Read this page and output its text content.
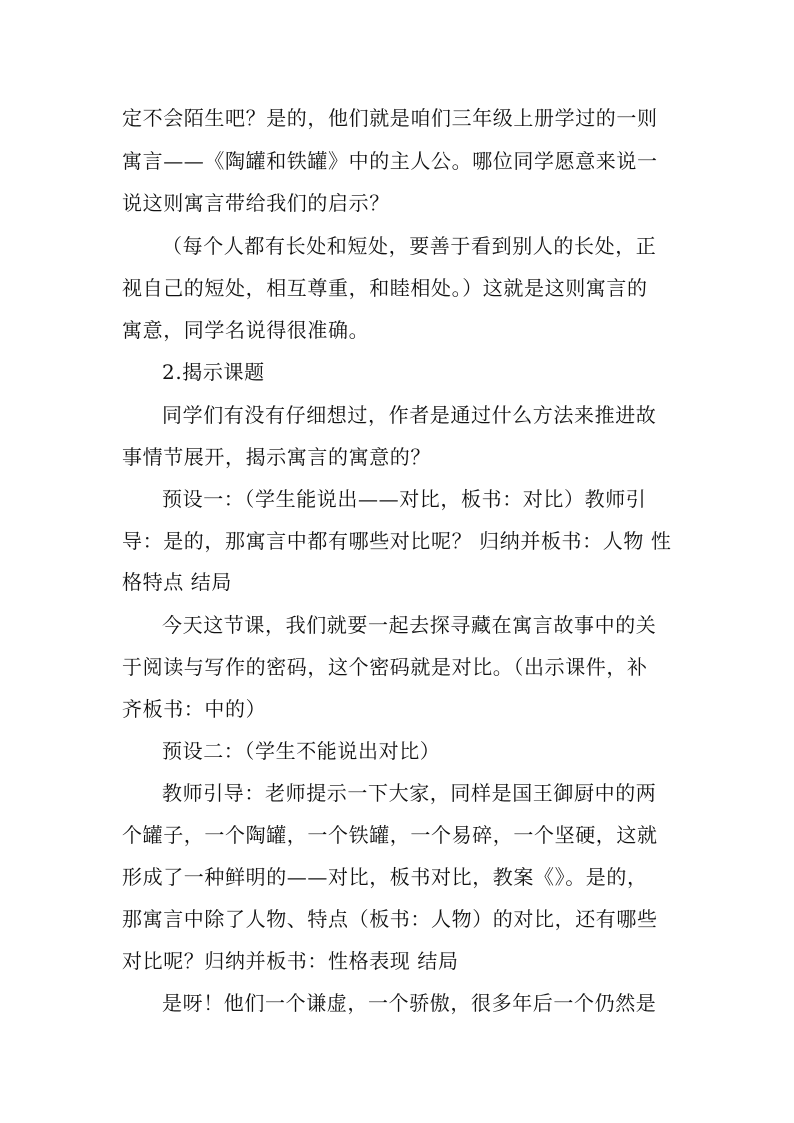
定不会陌生吧？是的，他们就是咱们三年级上册学过的一则
寓言——《陶罐和铁罐》中的主人公。哪位同学愿意来说一
说这则寓言带给我们的启示？
（每个人都有长处和短处，要善于看到别人的长处，正
视自己的短处，相互尊重，和睦相处。）这就是这则寓言的
寓意，同学名说得很准确。
2.揭示课题
同学们有没有仔细想过，作者是通过什么方法来推进故
事情节展开，揭示寓言的寓意的？
预设一：（学生能说出——对比，板书：对比）教师引
导：是的，那寓言中都有哪些对比呢？ 归纳并板书：人物 性
格特点 结局
今天这节课，我们就要一起去探寻藏在寓言故事中的关
于阅读与写作的密码，这个密码就是对比。（出示课件，补
齐板书：中的）
预设二：（学生不能说出对比）
教师引导：老师提示一下大家，同样是国王御厨中的两
个罐子，一个陶罐，一个铁罐，一个易碎，一个坚硬，这就
形成了一种鲜明的——对比，板书对比，教案《》。是的，
那寓言中除了人物、特点（板书：人物）的对比，还有哪些
对比呢？归纳并板书：性格表现 结局
是呀！他们一个谦虚，一个骄傲，很多年后一个仍然是
